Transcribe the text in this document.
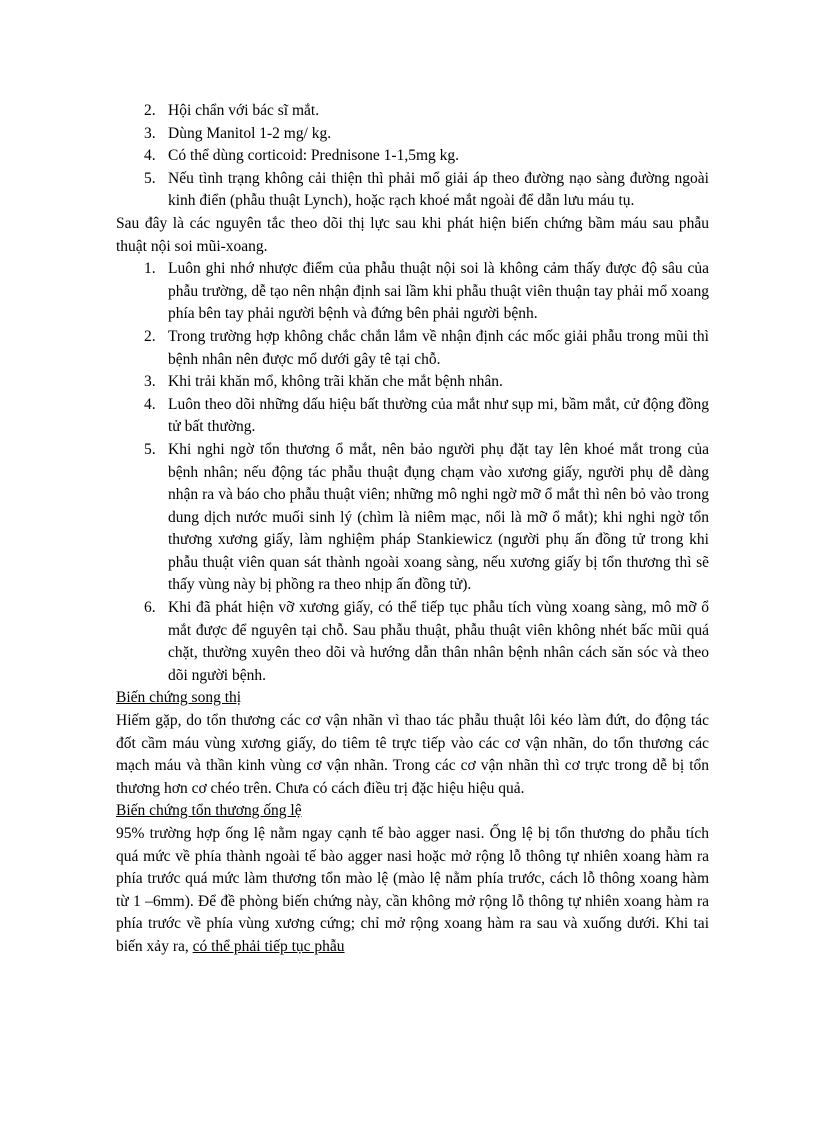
2. Hội chẩn với bác sĩ mắt.
3. Dùng Manitol 1-2 mg/ kg.
4. Có thể dùng corticoid: Prednisone 1-1,5mg kg.
5. Nếu tình trạng không cải thiện thì phải mổ giải áp theo đường nạo sàng đường ngoài kinh điển (phẫu thuật Lynch), hoặc rạch khoé mắt ngoài để dẫn lưu máu tụ.

Sau đây là các nguyên tắc theo dõi thị lực sau khi phát hiện biến chứng bầm máu sau phẫu thuật nội soi mũi-xoang.

1. Luôn ghi nhớ nhược điểm của phẫu thuật nội soi là không cảm thấy được độ sâu của phẫu trường, dễ tạo nên nhận định sai lầm khi phẫu thuật viên thuận tay phải mổ xoang phía bên tay phải người bệnh và đứng bên phải người bệnh.
2. Trong trường hợp không chắc chắn lắm về nhận định các mốc giải phẫu trong mũi thì bệnh nhân nên được mổ dưới gây tê tại chỗ.
3. Khi trải khăn mổ, không trãi khăn che mắt bệnh nhân.
4. Luôn theo dõi những dấu hiệu bất thường của mắt như sụp mi, bầm mắt, cử động đồng tử bất thường.
5. Khi nghi ngờ tổn thương ổ mắt, nên bảo người phụ đặt tay lên khoé mắt trong của bệnh nhân; nếu động tác phẫu thuật đụng chạm vào xương giấy, người phụ dễ dàng nhận ra và báo cho phẫu thuật viên; những mô nghi ngờ mỡ ổ mắt thì nên bỏ vào trong dung dịch nước muối sinh lý (chìm là niêm mạc, nổi là mỡ ổ mắt); khi nghi ngờ tổn thương xương giấy, làm nghiệm pháp Stankiewicz (người phụ ấn đồng tử trong khi phẫu thuật viên quan sát thành ngoài xoang sàng, nếu xương giấy bị tổn thương thì sẽ thấy vùng này bị phồng ra theo nhịp ấn đồng tử).
6. Khi đã phát hiện vỡ xương giấy, có thể tiếp tục phẫu tích vùng xoang sàng, mô mỡ ổ mắt được để nguyên tại chỗ. Sau phẫu thuật, phẫu thuật viên không nhét bấc mũi quá chặt, thường xuyên theo dõi và hướng dẫn thân nhân bệnh nhân cách săn sóc và theo dõi người bệnh.
Biến chứng song thị

Hiếm gặp, do tổn thương các cơ vận nhãn vì thao tác phẫu thuật lôi kéo làm đứt, do động tác đốt cầm máu vùng xương giấy, do tiêm tê trực tiếp vào các cơ vận nhãn, do tổn thương các mạch máu và thần kinh vùng cơ vận nhãn. Trong các cơ vận nhãn thì cơ trực trong dễ bị tổn thương hơn cơ chéo trên. Chưa có cách điều trị đặc hiệu hiệu quả.

Biến chứng tổn thương ống lệ

95% trường hợp ống lệ nằm ngay cạnh tế bào agger nasi. Ống lệ bị tổn thương do phẫu tích quá mức về phía thành ngoài tế bào agger nasi hoặc mở rộng lỗ thông tự nhiên xoang hàm ra phía trước quá mức làm thương tổn mào lệ (mào lệ nằm phía trước, cách lỗ thông xoang hàm từ 1 –6mm). Để đề phòng biến chứng này, cần không mở rộng lỗ thông tự nhiên xoang hàm ra phía trước về phía vùng xương cứng; chỉ mở rộng xoang hàm ra sau và xuống dưới. Khi tai biến xảy ra, có thể phải tiếp tục phẫu
